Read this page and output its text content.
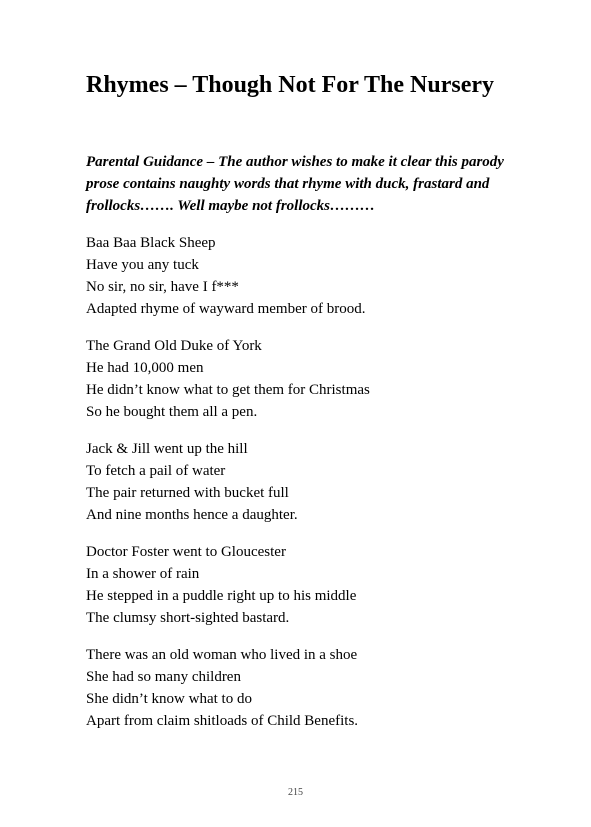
Rhymes – Though Not For The Nursery

Parental Guidance – The author wishes to make it clear this parody prose contains naughty words that rhyme with duck, frastard and frollocks……. Well maybe not frollocks………

Baa Baa Black Sheep
Have you any tuck
No sir, no sir, have I f***
Adapted rhyme of wayward member of brood.
The Grand Old Duke of York
He had 10,000 men
He didn’t know what to get them for Christmas
So he bought them all a pen.
Jack & Jill went up the hill
To fetch a pail of water
The pair returned with bucket full
And nine months hence a daughter.
Doctor Foster went to Gloucester
In a shower of rain
He stepped in a puddle right up to his middle
The clumsy short-sighted bastard.
There was an old woman who lived in a shoe
She had so many children
She didn’t know what to do
Apart from claim shitloads of Child Benefits.
215
